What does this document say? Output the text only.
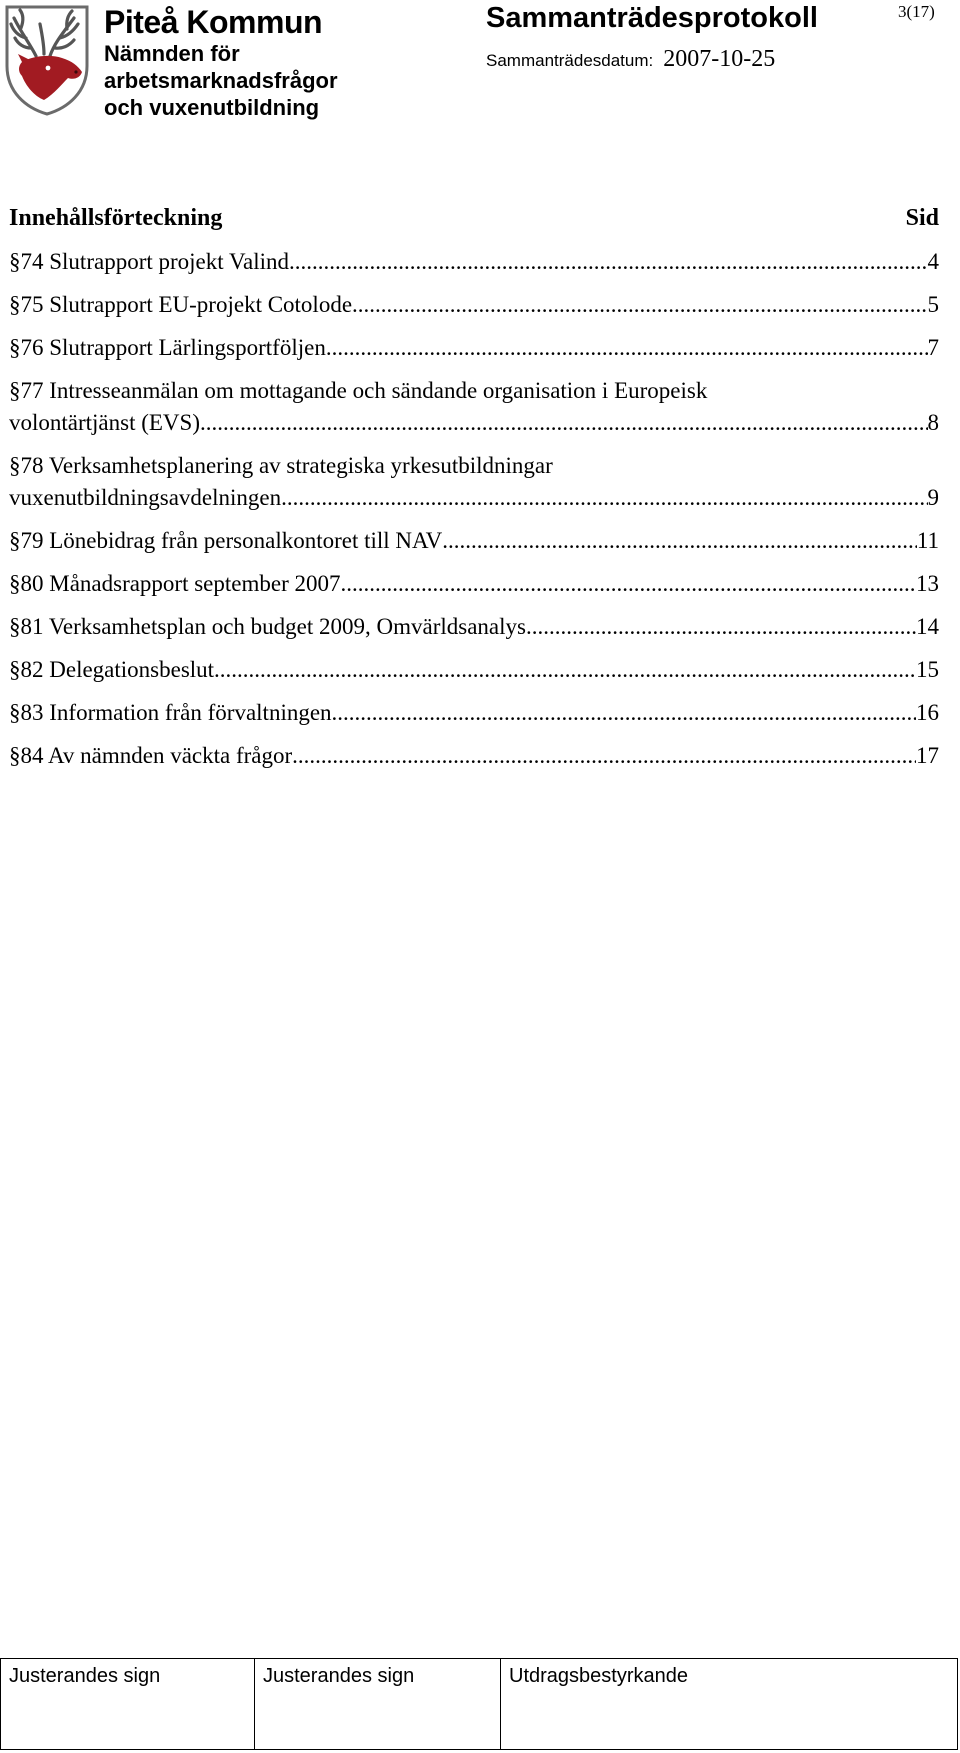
Piteå Kommun
Nämnden för
arbetsmarknadsfrågor
och vuxenutbildning
Sammanträdesprotokoll	3(17)
Sammanträdesdatum: 2007-10-25
Innehållsförteckning	Sid
§74 Slutrapport projekt Valind .....	4
§75 Slutrapport EU-projekt Cotolode .....	5
§76 Slutrapport Lärlingsportföljen .....	7
§77 Intresseanmälan om mottagande och sändande organisation i Europeisk
volontärtjänst (EVS) .....	8
§78 Verksamhetsplanering av strategiska yrkesutbildningar
vuxenutbildningsavdelningen .....	9
§79 Lönebidrag från personalkontoret till NAV .....	11
§80 Månadsrapport september 2007 .....	13
§81 Verksamhetsplan och budget 2009, Omvärldsanalys .....	14
§82 Delegationsbeslut .....	15
§83 Information från förvaltningen .....	16
§84 Av nämnden väckta frågor .....	17
Justerandes sign	Justerandes sign	Utdragsbestyrkande
